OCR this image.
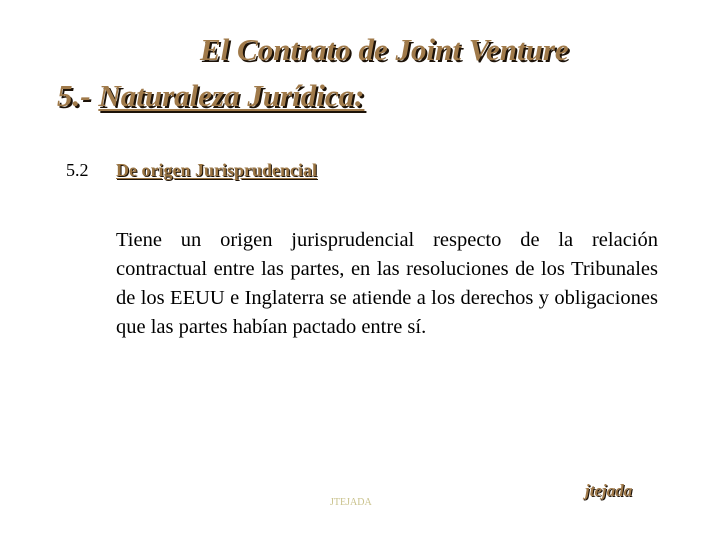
El Contrato de Joint Venture
5.- Naturaleza Jurídica:
5.2 De origen Jurisprudencial

Tiene un origen jurisprudencial respecto de la relación contractual entre las partes, en las resoluciones de los Tribunales de los EEUU e Inglaterra se atiende a los derechos y obligaciones que las partes habían pactado entre sí.

JTEJADA
jtejada
